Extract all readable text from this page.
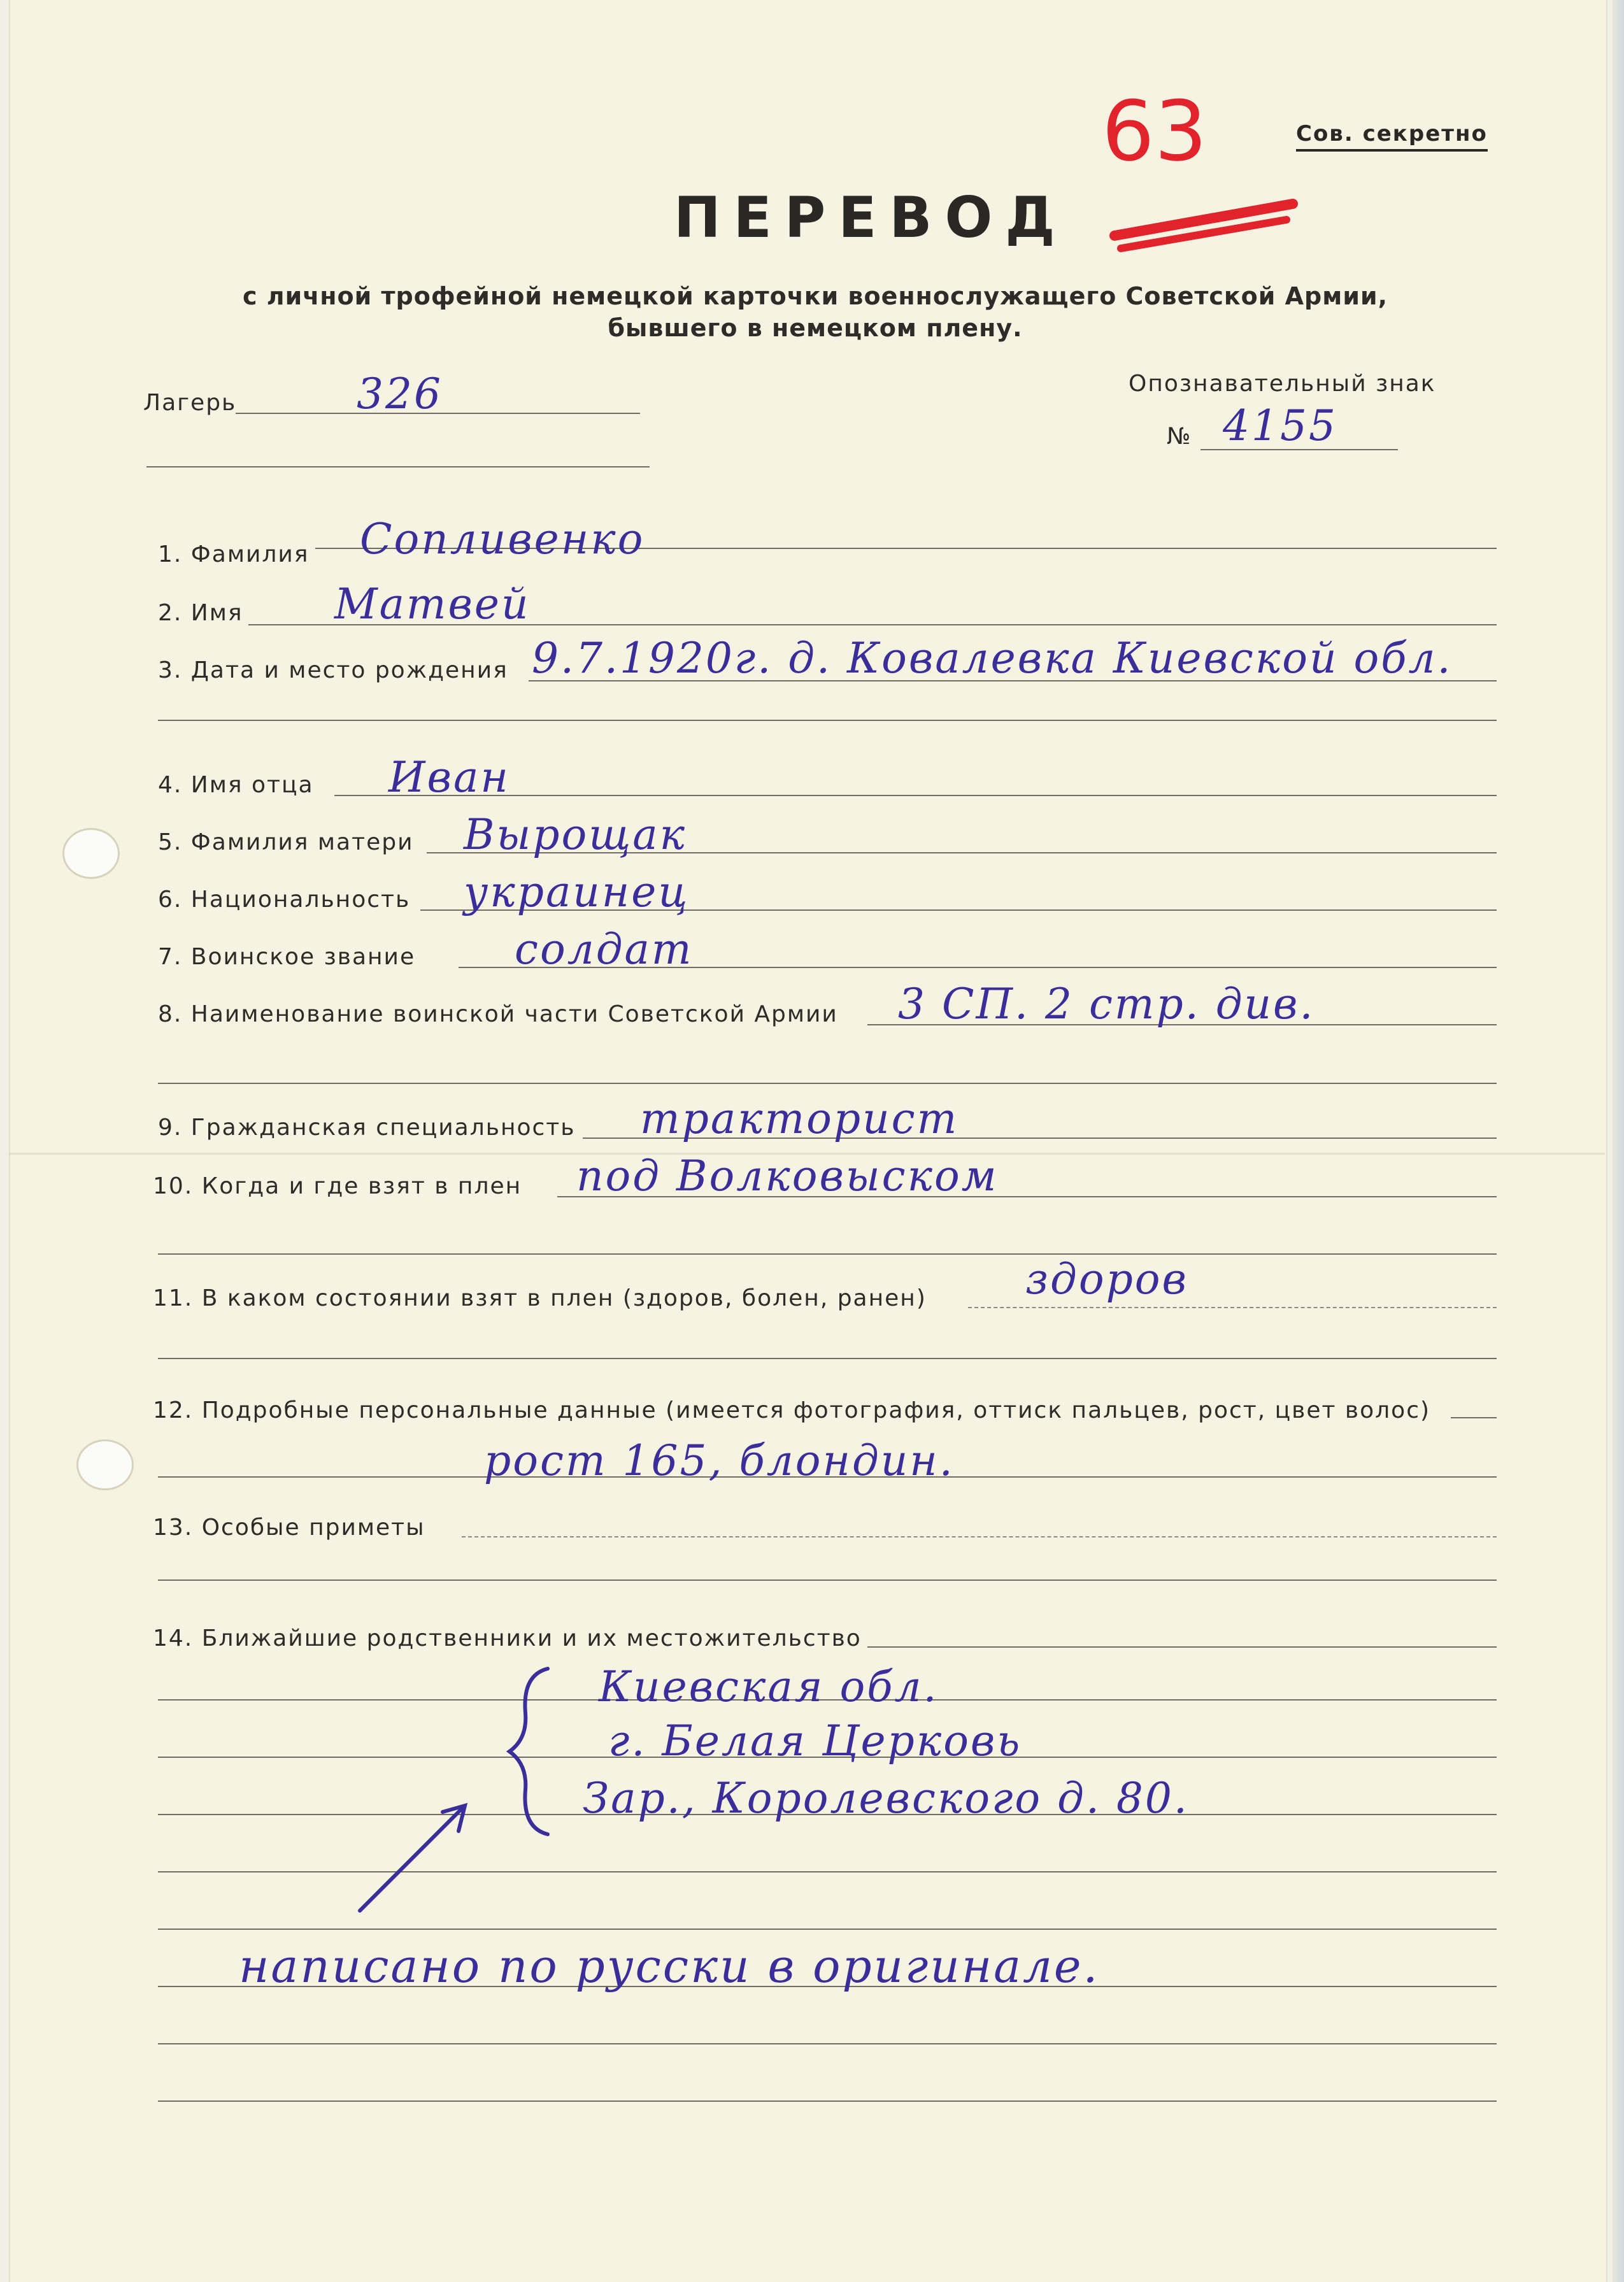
63	Сов. секретно
ПЕРЕВОД
с личной трофейной немецкой карточки военнослужащего Советской Армии,
бывшего в немецком плену.
Лагерь	326	Опознавательный знак
№ 4155
1. Фамилия Сопливенко
2. Имя Матвей
3. Дата и место рождения 9.7.1920г. д. Ковалевка Киевской обл.
4. Имя отца Иван
5. Фамилия матери Вырощак
6. Национальность украинец
7. Воинское звание солдат
8. Наименование воинской части Советской Армии 3 СП. 2 стр. див.
9. Гражданская специальность тракторист
10. Когда и где взят в плен под Волковыском
11. В каком состоянии взят в плен (здоров, болен, ранен) здоров
12. Подробные персональные данные (имеется фотография, оттиск пальцев, рост, цвет волос)
рост 165, блондин.
13. Особые приметы
14. Ближайшие родственники и их местожительство
Киевская обл.
г. Белая Церковь
Зар., Королевского д. 80.
написано по русски в оригинале.
